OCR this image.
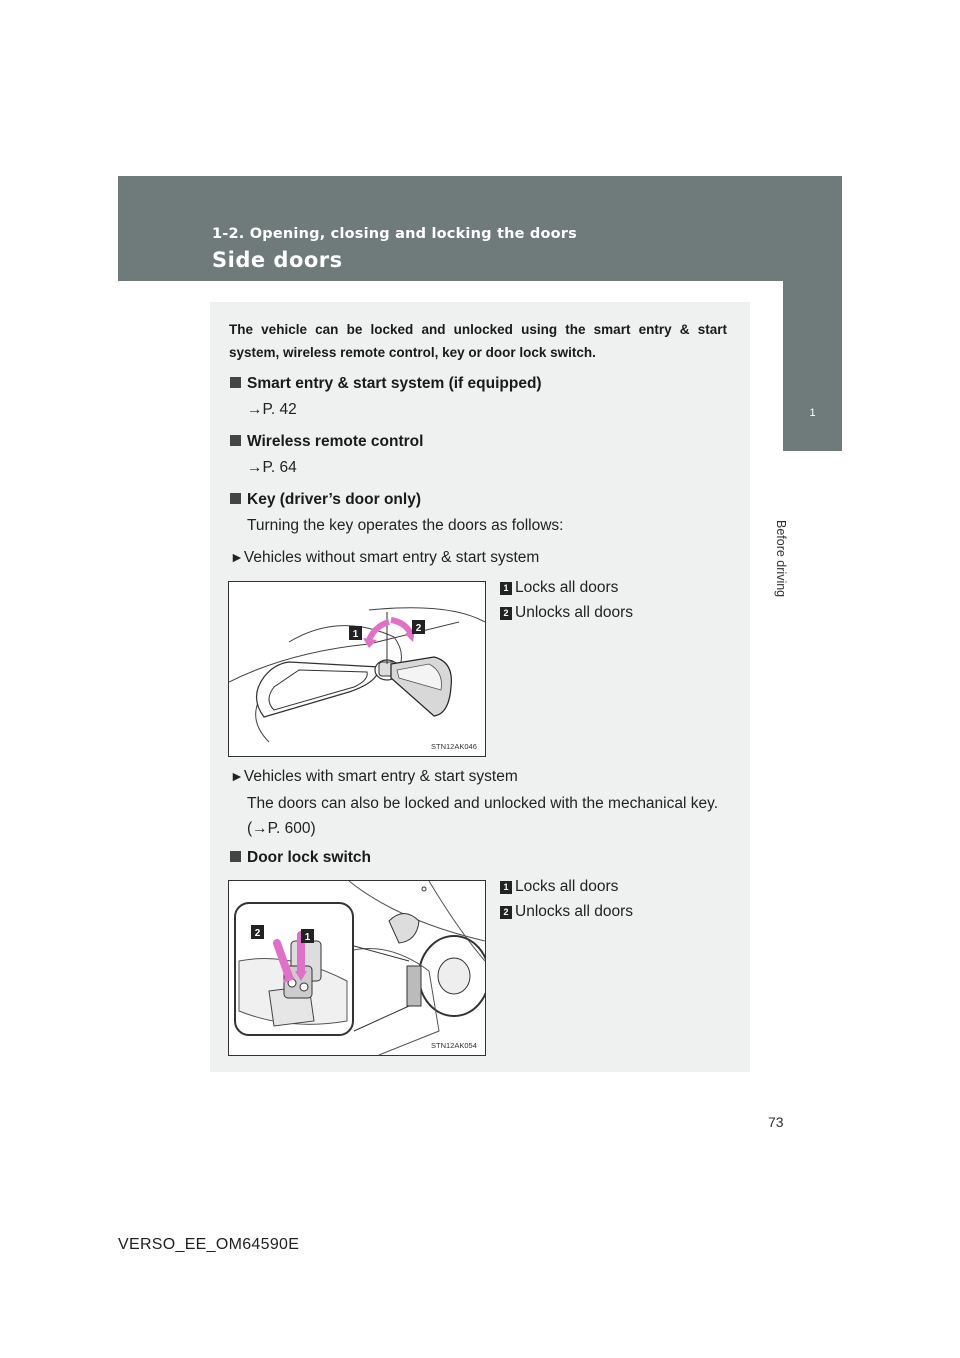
1-2. Opening, closing and locking the doors
Side doors
1
Before driving
The vehicle can be locked and unlocked using the smart entry & start system, wireless remote control, key or door lock switch.
Smart entry & start system (if equipped)
→P. 42
Wireless remote control
→P. 64
Key (driver’s door only)
Turning the key operates the doors as follows:
►Vehicles without smart entry & start system
1
2
STN12AK046
1 Locks all doors
2 Unlocks all doors
►Vehicles with smart entry & start system
The doors can also be locked and unlocked with the mechanical key. (→P. 600)
Door lock switch
2	1
STN12AK054
1 Locks all doors
2 Unlocks all doors
73
VERSO_EE_OM64590E
